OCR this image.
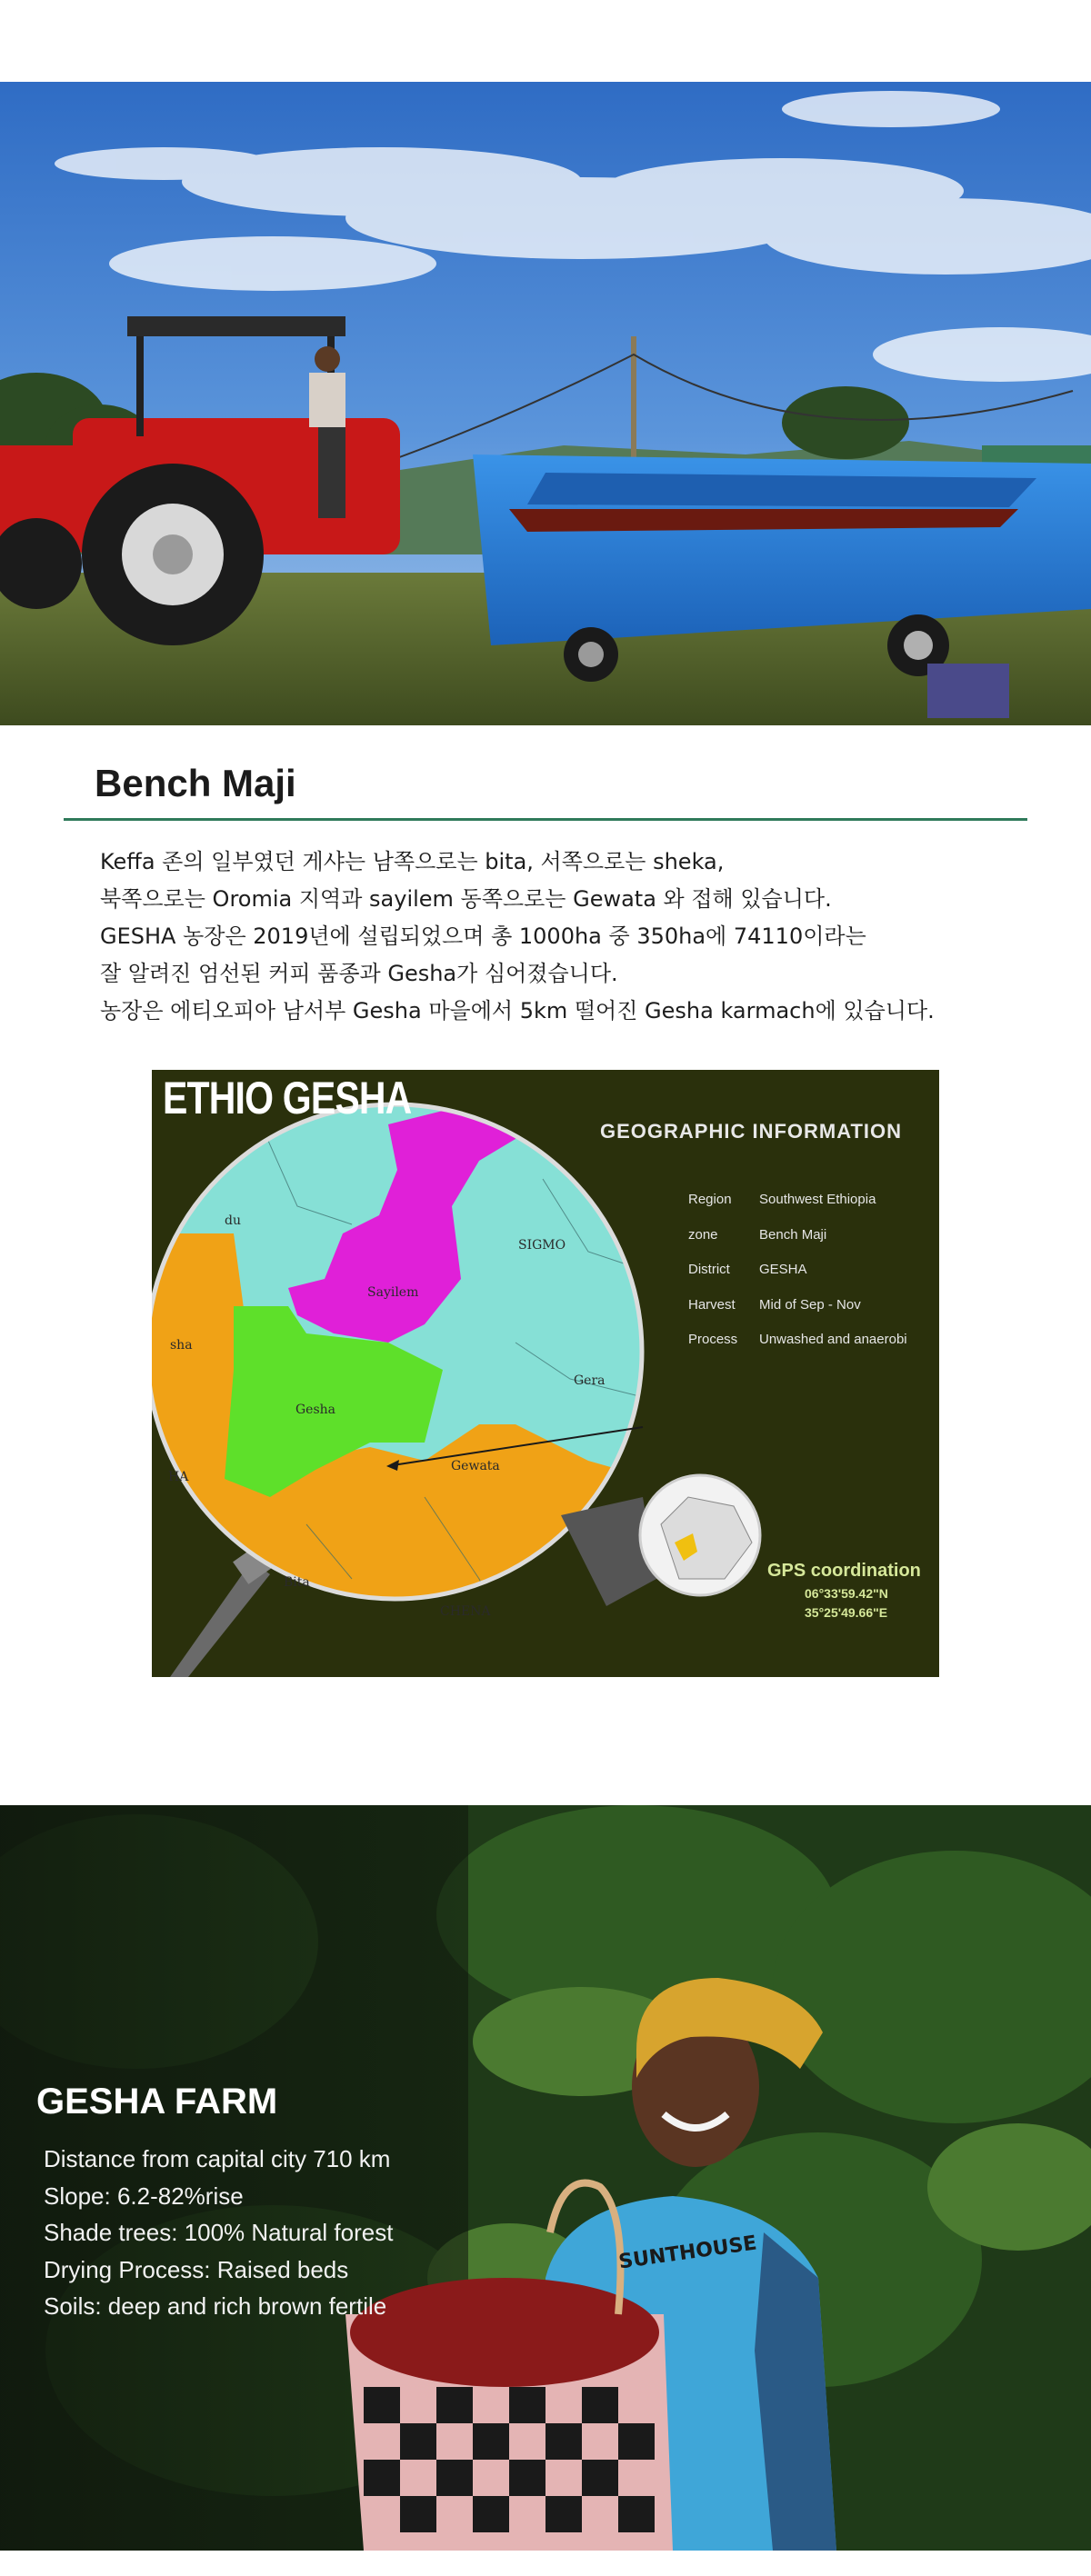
Bench Maji

Keffa 존의 일부였던 게샤는 남쪽으로는 bita, 서쪽으로는 sheka,

북쪽으로는 Oromia 지역과 sayilem 동쪽으로는 Gewata 와 접해 있습니다.

GESHA 농장은 2019년에 설립되었으며 총 1000ha 중 350ha에 74110이라는

잘 알려진 엄선된 커피 품종과 Gesha가 심어졌습니다.

농장은 에티오피아 남서부 Gesha 마을에서 5km 떨어진 Gesha karmach에 있습니다.

SIGMO
Sayilem
Gera
Gesha
Gewata
Bita
CHENA
du
sha
HA
ETHIO GESHA
GEOGRAPHIC INFORMATION
Region Southwest Ethiopia
zone	Bench Maji
District GESHA
Harvest Mid of Sep - Nov
Process Unwashed and anaerobi
GPS coordination
06°33'59.42"N
35°25'49.66"E
SUNTHOUSE
GESHA FARM
Distance from capital city 710 km
Slope: 6.2-82%rise
Shade trees: 100% Natural forest
Drying Process: Raised beds
Soils: deep and rich brown fertile
